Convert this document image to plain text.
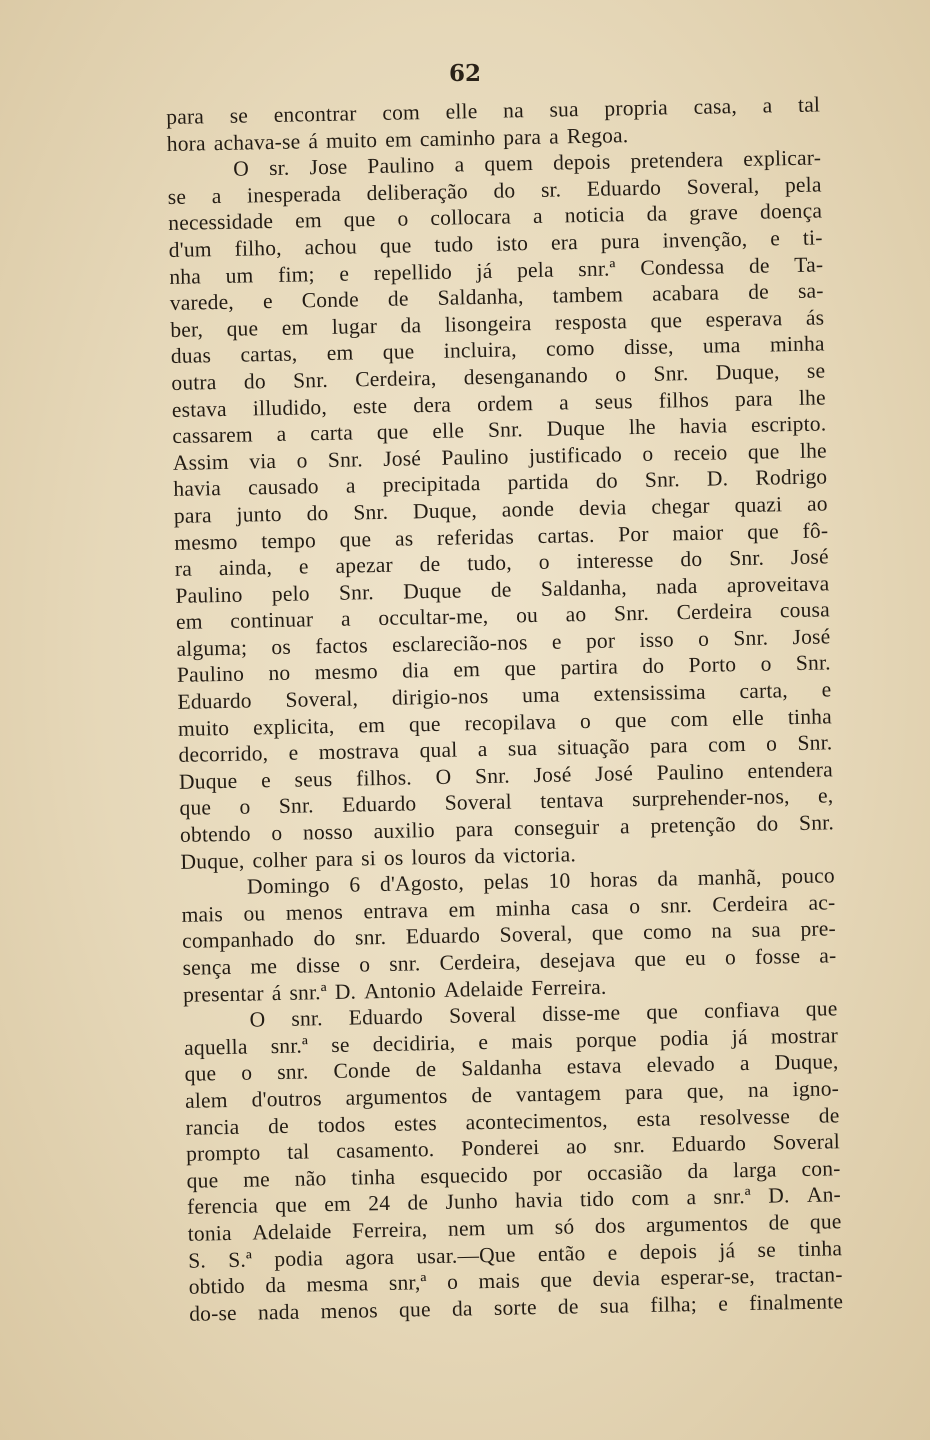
62
para se encontrar com elle na sua propria casa, a tal
hora achava-se á muito em caminho para a Regoa.
O sr. Jose Paulino a quem depois pretendera explicar-
se a inesperada deliberação do sr. Eduardo Soveral, pela
necessidade em que o collocara a noticia da grave doença
d'um filho, achou que tudo isto era pura invenção, e ti-
nha um fim; e repellido já pela snr.ª Condessa de Ta-
varede, e Conde de Saldanha, tambem acabara de sa-
ber, que em lugar da lisongeira resposta que esperava ás
duas cartas, em que incluira, como disse, uma minha
outra do Snr. Cerdeira, desenganando o Snr. Duque, se
estava illudido, este dera ordem a seus filhos para lhe
cassarem a carta que elle Snr. Duque lhe havia escripto.
Assim via o Snr. José Paulino justificado o receio que lhe
havia causado a precipitada partida do Snr. D. Rodrigo
para junto do Snr. Duque, aonde devia chegar quazi ao
mesmo tempo que as referidas cartas. Por maior que fô-
ra ainda, e apezar de tudo, o interesse do Snr. José
Paulino pelo Snr. Duque de Saldanha, nada aproveitava
em continuar a occultar-me, ou ao Snr. Cerdeira cousa
alguma; os factos esclarecião-nos e por isso o Snr. José
Paulino no mesmo dia em que partira do Porto o Snr.
Eduardo Soveral, dirigio-nos uma extensissima carta, e
muito explicita, em que recopilava o que com elle tinha
decorrido, e mostrava qual a sua situação para com o Snr.
Duque e seus filhos. O Snr. José José Paulino entendera
que o Snr. Eduardo Soveral tentava surprehender-nos, e,
obtendo o nosso auxilio para conseguir a pretenção do Snr.
Duque, colher para si os louros da victoria.
Domingo 6 d'Agosto, pelas 10 horas da manhã, pouco
mais ou menos entrava em minha casa o snr. Cerdeira ac-
companhado do snr. Eduardo Soveral, que como na sua pre-
sença me disse o snr. Cerdeira, desejava que eu o fosse a-
presentar á snr.ª D. Antonio Adelaide Ferreira.
O snr. Eduardo Soveral disse-me que confiava que
aquella snr.ª se decidiria, e mais porque podia já mostrar
que o snr. Conde de Saldanha estava elevado a Duque,
alem d'outros argumentos de vantagem para que, na igno-
rancia de todos estes acontecimentos, esta resolvesse de
prompto tal casamento. Ponderei ao snr. Eduardo Soveral
que me não tinha esquecido por occasião da larga con-
ferencia que em 24 de Junho havia tido com a snr.ª D. An-
tonia Adelaide Ferreira, nem um só dos argumentos de que
S. S.ª podia agora usar.—Que então e depois já se tinha
obtido da mesma snr,ª o mais que devia esperar-se, tractan-
do-se nada menos que da sorte de sua filha; e finalmente
